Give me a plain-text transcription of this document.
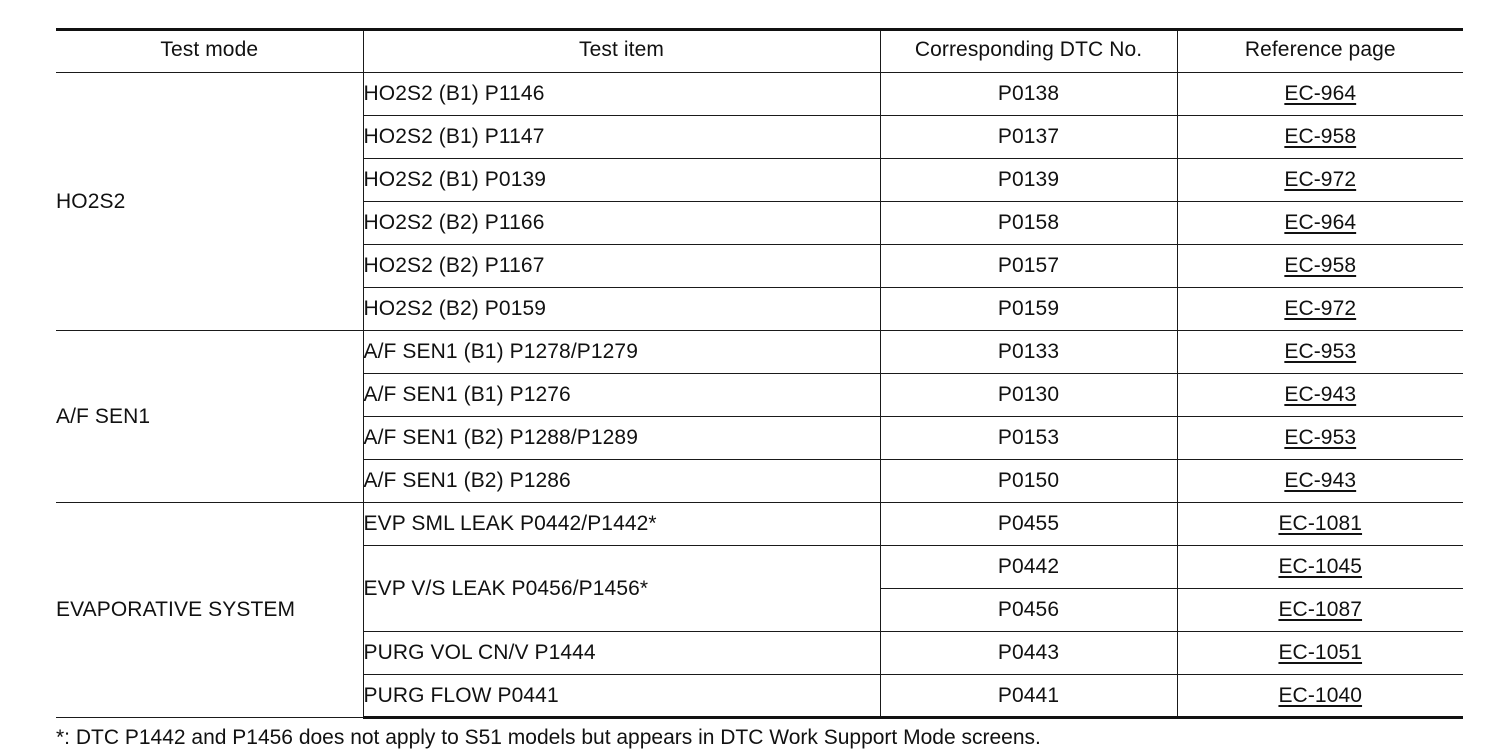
Test mode	Test item	Corresponding DTC No.	Reference page
HO2S2	HO2S2 (B1) P1146	P0138	EC-964
	HO2S2 (B1) P1147	P0137	EC-958
	HO2S2 (B1) P0139	P0139	EC-972
	HO2S2 (B2) P1166	P0158	EC-964
	HO2S2 (B2) P1167	P0157	EC-958
	HO2S2 (B2) P0159	P0159	EC-972
A/F SEN1	A/F SEN1 (B1) P1278/P1279	P0133	EC-953
	A/F SEN1 (B1) P1276	P0130	EC-943
	A/F SEN1 (B2) P1288/P1289	P0153	EC-953
	A/F SEN1 (B2) P1286	P0150	EC-943
EVAPORATIVE SYSTEM	EVP SML LEAK P0442/P1442*	P0455	EC-1081
	EVP V/S LEAK P0456/P1456*	P0442	EC-1045
		P0456	EC-1087
	PURG VOL CN/V P1444	P0443	EC-1051
	PURG FLOW P0441	P0441	EC-1040
*: DTC P1442 and P1456 does not apply to S51 models but appears in DTC Work Support Mode screens.
